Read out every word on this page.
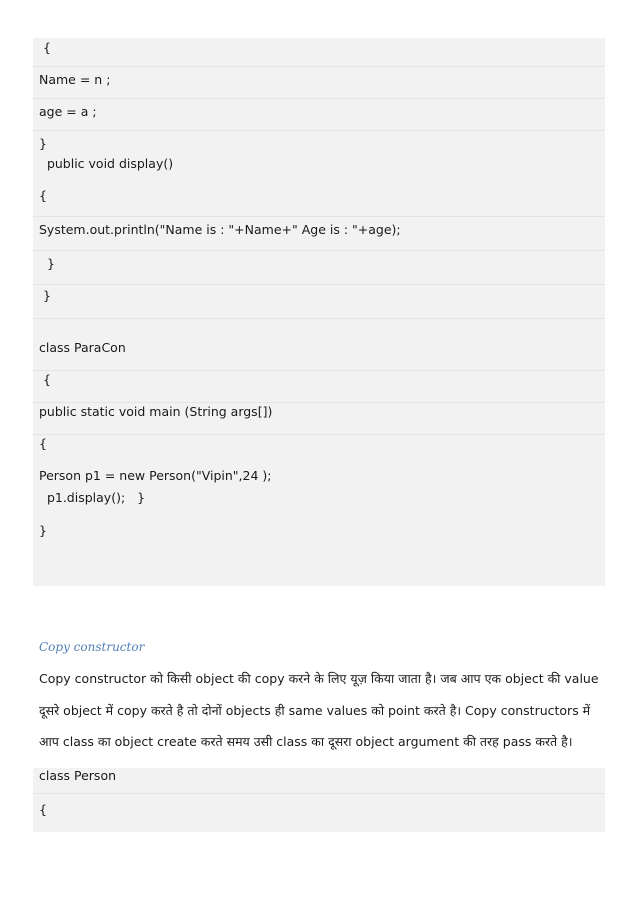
{
Name = n ;
age = a ;
}
public void display()
{
System.out.println("Name is : "+Name+" Age is : "+age);
}
}
class ParaCon
{
public static void main (String args[])
{
Person p1 = new Person("Vipin",24 );
p1.display();   }
}
Copy constructor
Copy constructor को किसी object की copy करने के लिए यूज़ किया जाता है। जब आप एक object की value
दूसरे object में copy करते है तो दोनों objects ही same values को point करते है। Copy constructors में
आप class का object create करते समय उसी class का दूसरा object argument की तरह pass करते है।
class Person
{
